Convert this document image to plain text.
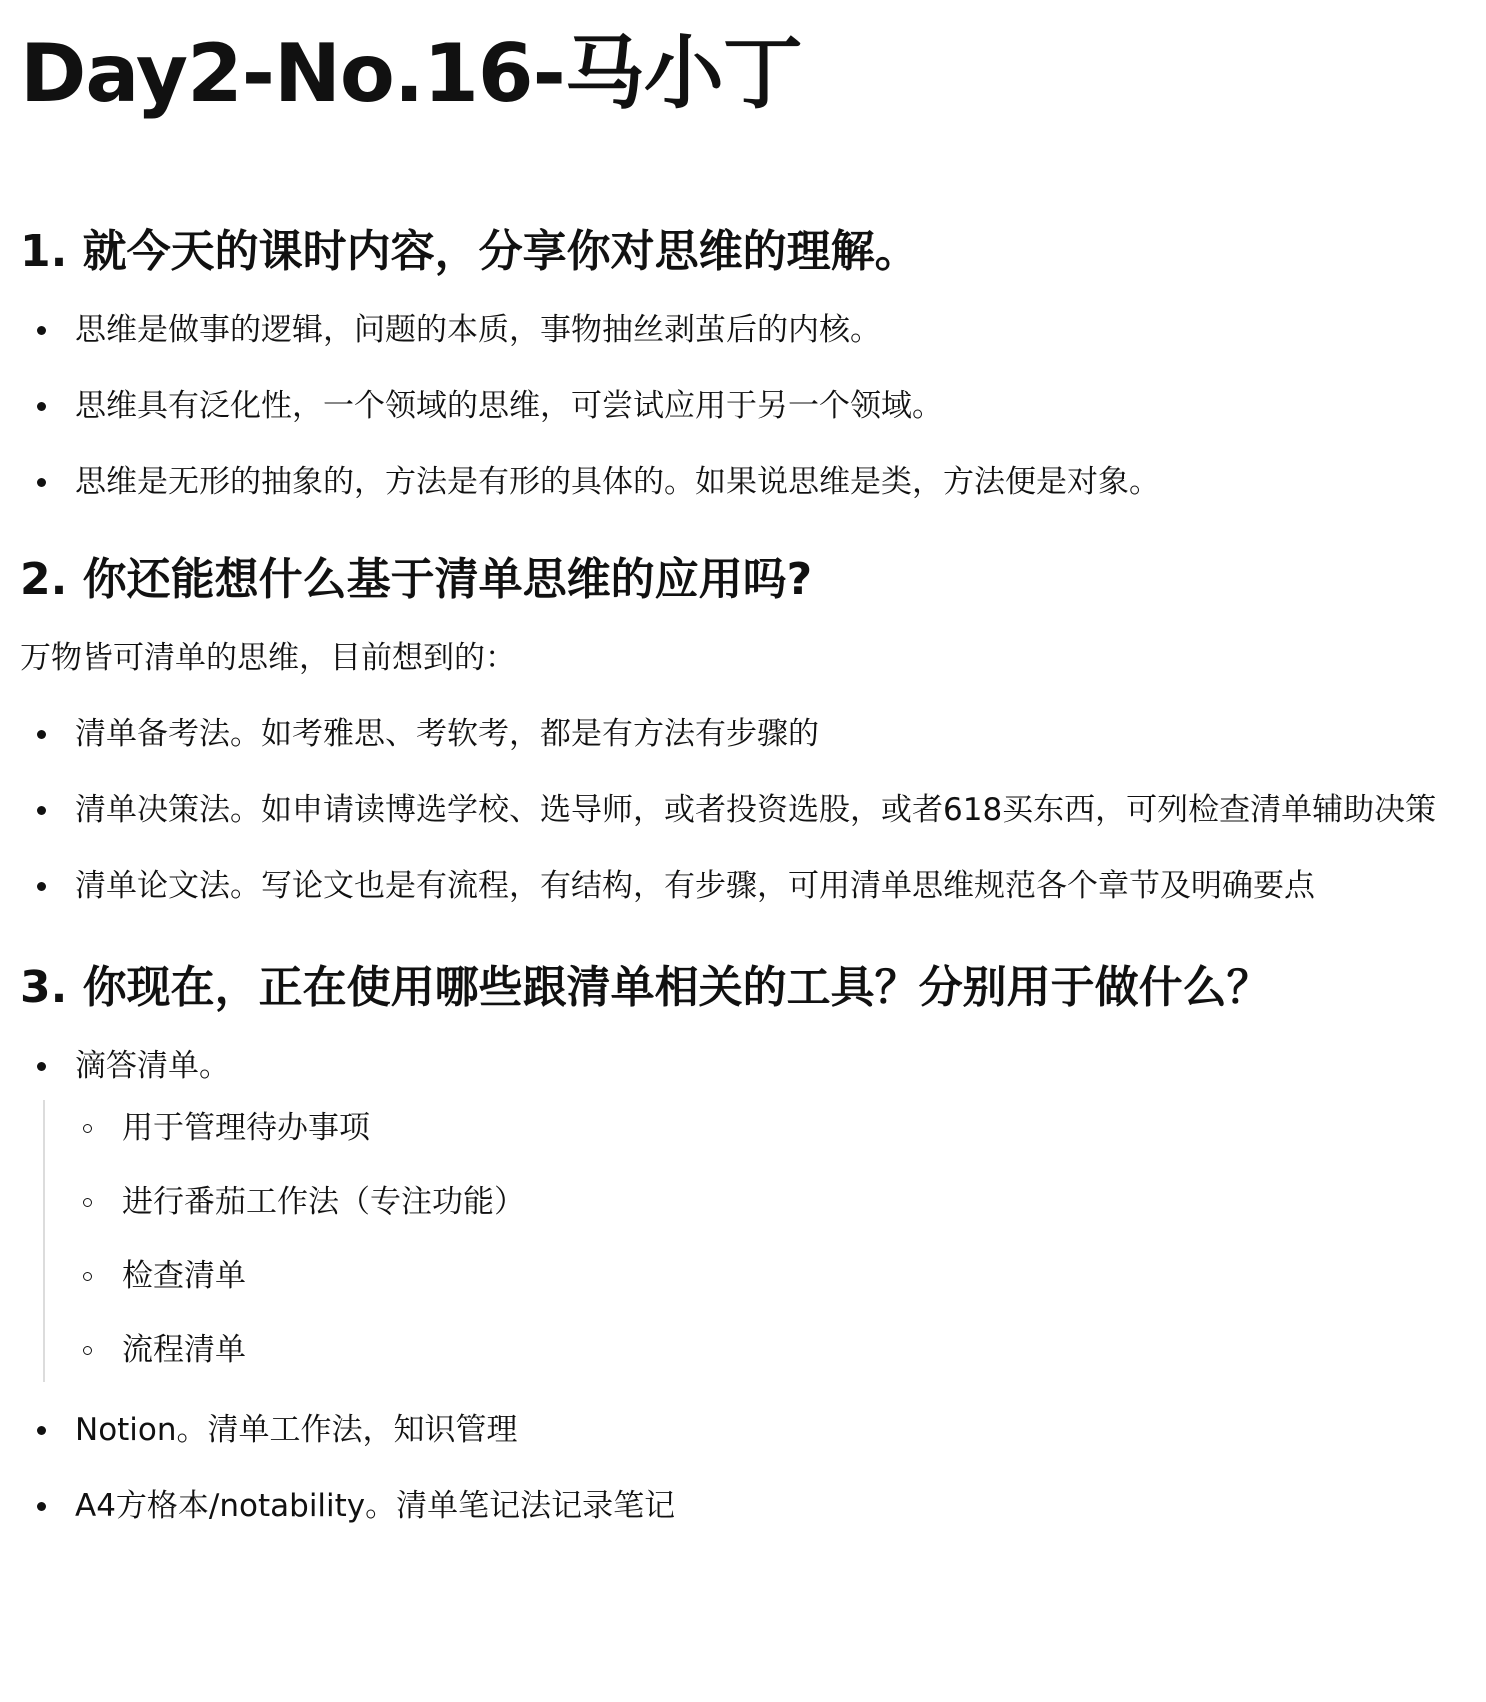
Day2-No.16-马小丁
1. 就今天的课时内容，分享你对思维的理解。
思维是做事的逻辑，问题的本质，事物抽丝剥茧后的内核。
思维具有泛化性，一个领域的思维，可尝试应用于另一个领域。
思维是无形的抽象的，方法是有形的具体的。如果说思维是类，方法便是对象。
2. 你还能想什么基于清单思维的应用吗?

万物皆可清单的思维，目前想到的：

清单备考法。如考雅思、考软考，都是有方法有步骤的
清单决策法。如申请读博选学校、选导师，或者投资选股，或者618买东西，可列检查清单辅助决策
清单论文法。写论文也是有流程，有结构，有步骤，可用清单思维规范各个章节及明确要点
3. 你现在，正在使用哪些跟清单相关的工具？分别用于做什么？
滴答清单。
用于管理待办事项
进行番茄工作法（专注功能）
检查清单
流程清单
Notion。清单工作法，知识管理
A4方格本/notability。清单笔记法记录笔记
